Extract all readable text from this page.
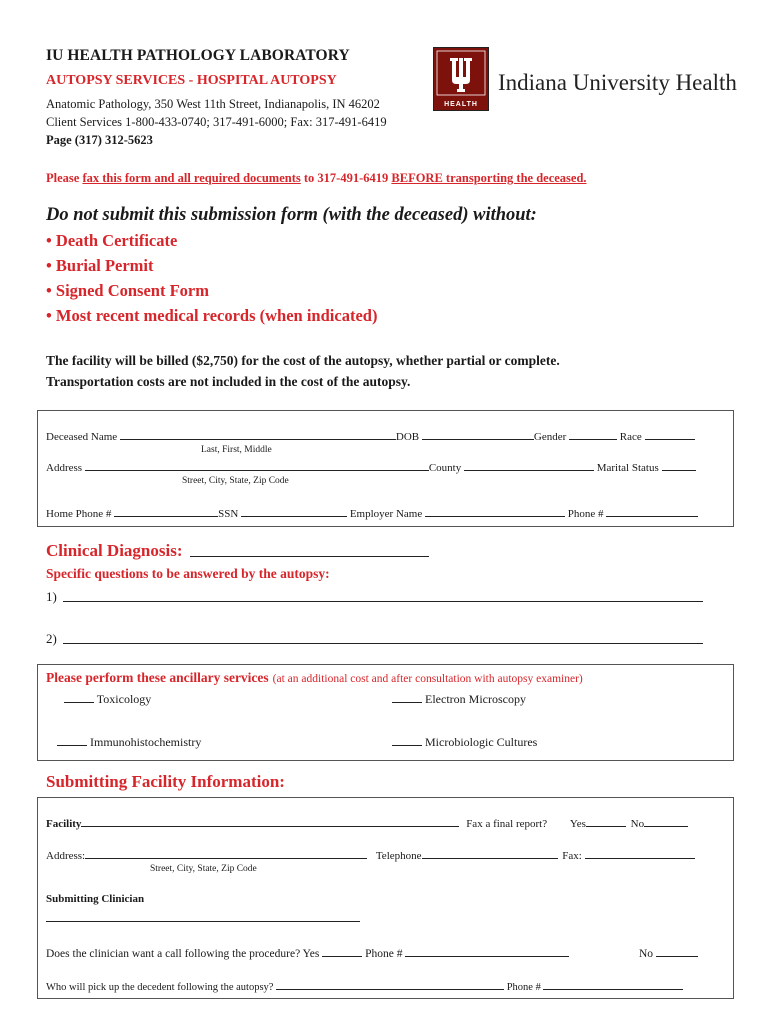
IU HEALTH PATHOLOGY LABORATORY
AUTOPSY SERVICES - HOSPITAL AUTOPSY
Anatomic Pathology, 350 West 11th Street, Indianapolis, IN 46202
Client Services 1-800-433-0740; 317-491-6000; Fax: 317-491-6419
Page (317) 312-5623
HEALTH
Indiana University Health
Please fax this form and all required documents to 317-491-6419 BEFORE transporting the deceased.
Do not submit this submission form (with the deceased) without:
• Death Certificate
• Burial Permit
• Signed Consent Form
• Most recent medical records (when indicated)
The facility will be billed ($2,750) for the cost of the autopsy, whether partial or complete.
Transportation costs are not included in the cost of the autopsy.
Deceased Name	DOB	Gender	Race
Last, First, Middle
Address	County	Marital Status
Street, City, State, Zip Code
Home Phone #	SSN	Employer Name	Phone #
Clinical Diagnosis:
Specific questions to be answered by the autopsy:
1)
2)
Please perform these ancillary services (at an additional cost and after consultation with autopsy examiner)
Toxicology	Electron Microscopy
Immunohistochemistry	Microbiologic Cultures
Submitting Facility Information:
Facility	Fax a final report? Yes	No
Address:	Telephone	Fax:
Street, City, State, Zip Code
Submitting Clinician
Does the clinician want a call following the procedure? Yes	Phone #	No
Who will pick up the decedent following the autopsy?	Phone #
